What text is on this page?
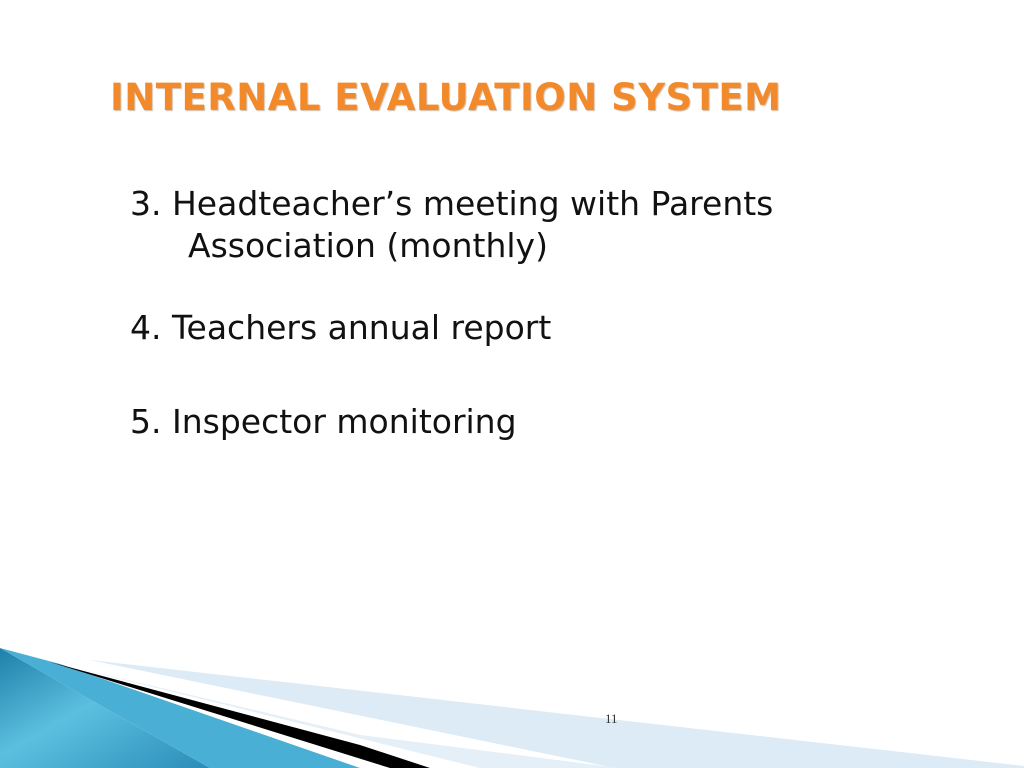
INTERNAL EVALUATION SYSTEM
3. Headteacher’s meeting with Parents Association (monthly)
4. Teachers annual report
5. Inspector monitoring
11
